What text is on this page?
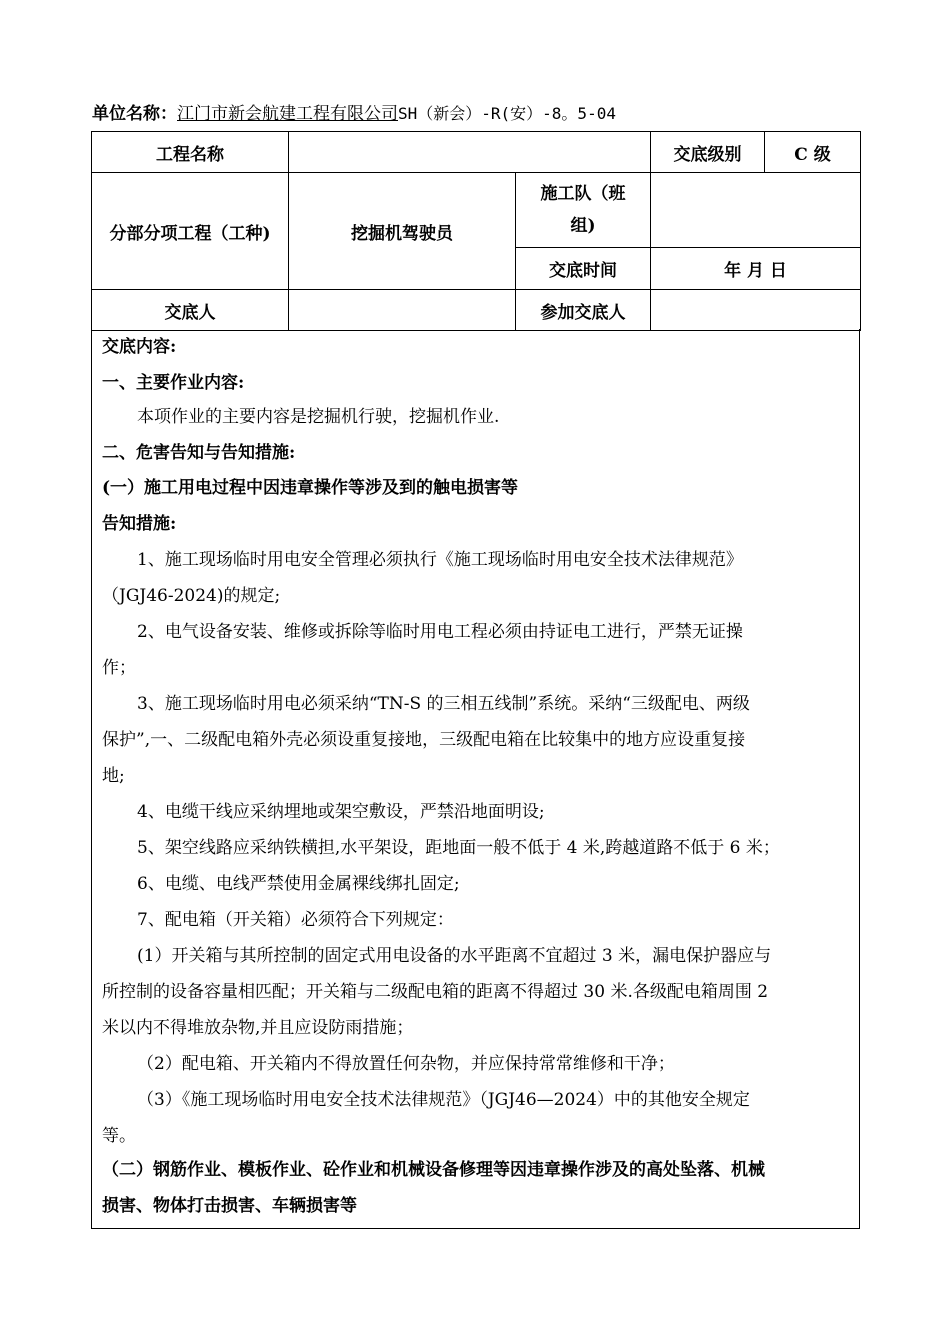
单位名称：江门市新会航建工程有限公司SH（新会）-R(安）-8。5-04
工程名称			交底级别	C 级
分部分项工程（工种)	挖掘机驾驶员	施工队（班
组)		

		交底时间	年 月 日	
交底人		参加交底人		
交底内容:
一、主要作业内容:
本项作业的主要内容是挖掘机行驶，挖掘机作业.
二、危害告知与告知措施:
(一）施工用电过程中因违章操作等涉及到的触电损害等
告知措施:
1、施工现场临时用电安全管理必须执行《施工现场临时用电安全技术法律规范》
（JGJ46-2024)的规定;
2、电气设备安装、维修或拆除等临时用电工程必须由持证电工进行，严禁无证操
作；
3、施工现场临时用电必须采纳“TN-S 的三相五线制”系统。采纳“三级配电、两级
保护”,一、二级配电箱外壳必须设重复接地，三级配电箱在比较集中的地方应设重复接
地;
4、电缆干线应采纳埋地或架空敷设，严禁沿地面明设;
5、架空线路应采纳铁横担,水平架设，距地面一般不低于 4 米,跨越道路不低于 6 米；
6、电缆、电线严禁使用金属裸线绑扎固定;
7、配电箱（开关箱）必须符合下列规定：
(1）开关箱与其所控制的固定式用电设备的水平距离不宜超过 3 米，漏电保护器应与
所控制的设备容量相匹配；开关箱与二级配电箱的距离不得超过 30 米.各级配电箱周围 2
米以内不得堆放杂物,并且应设防雨措施；
（2）配电箱、开关箱内不得放置任何杂物，并应保持常常维修和干净；
（3）《施工现场临时用电安全技术法律规范》（JGJ46—2024）中的其他安全规定
等。
（二）钢筋作业、模板作业、砼作业和机械设备修理等因违章操作涉及的高处坠落、机械
损害、物体打击损害、车辆损害等
